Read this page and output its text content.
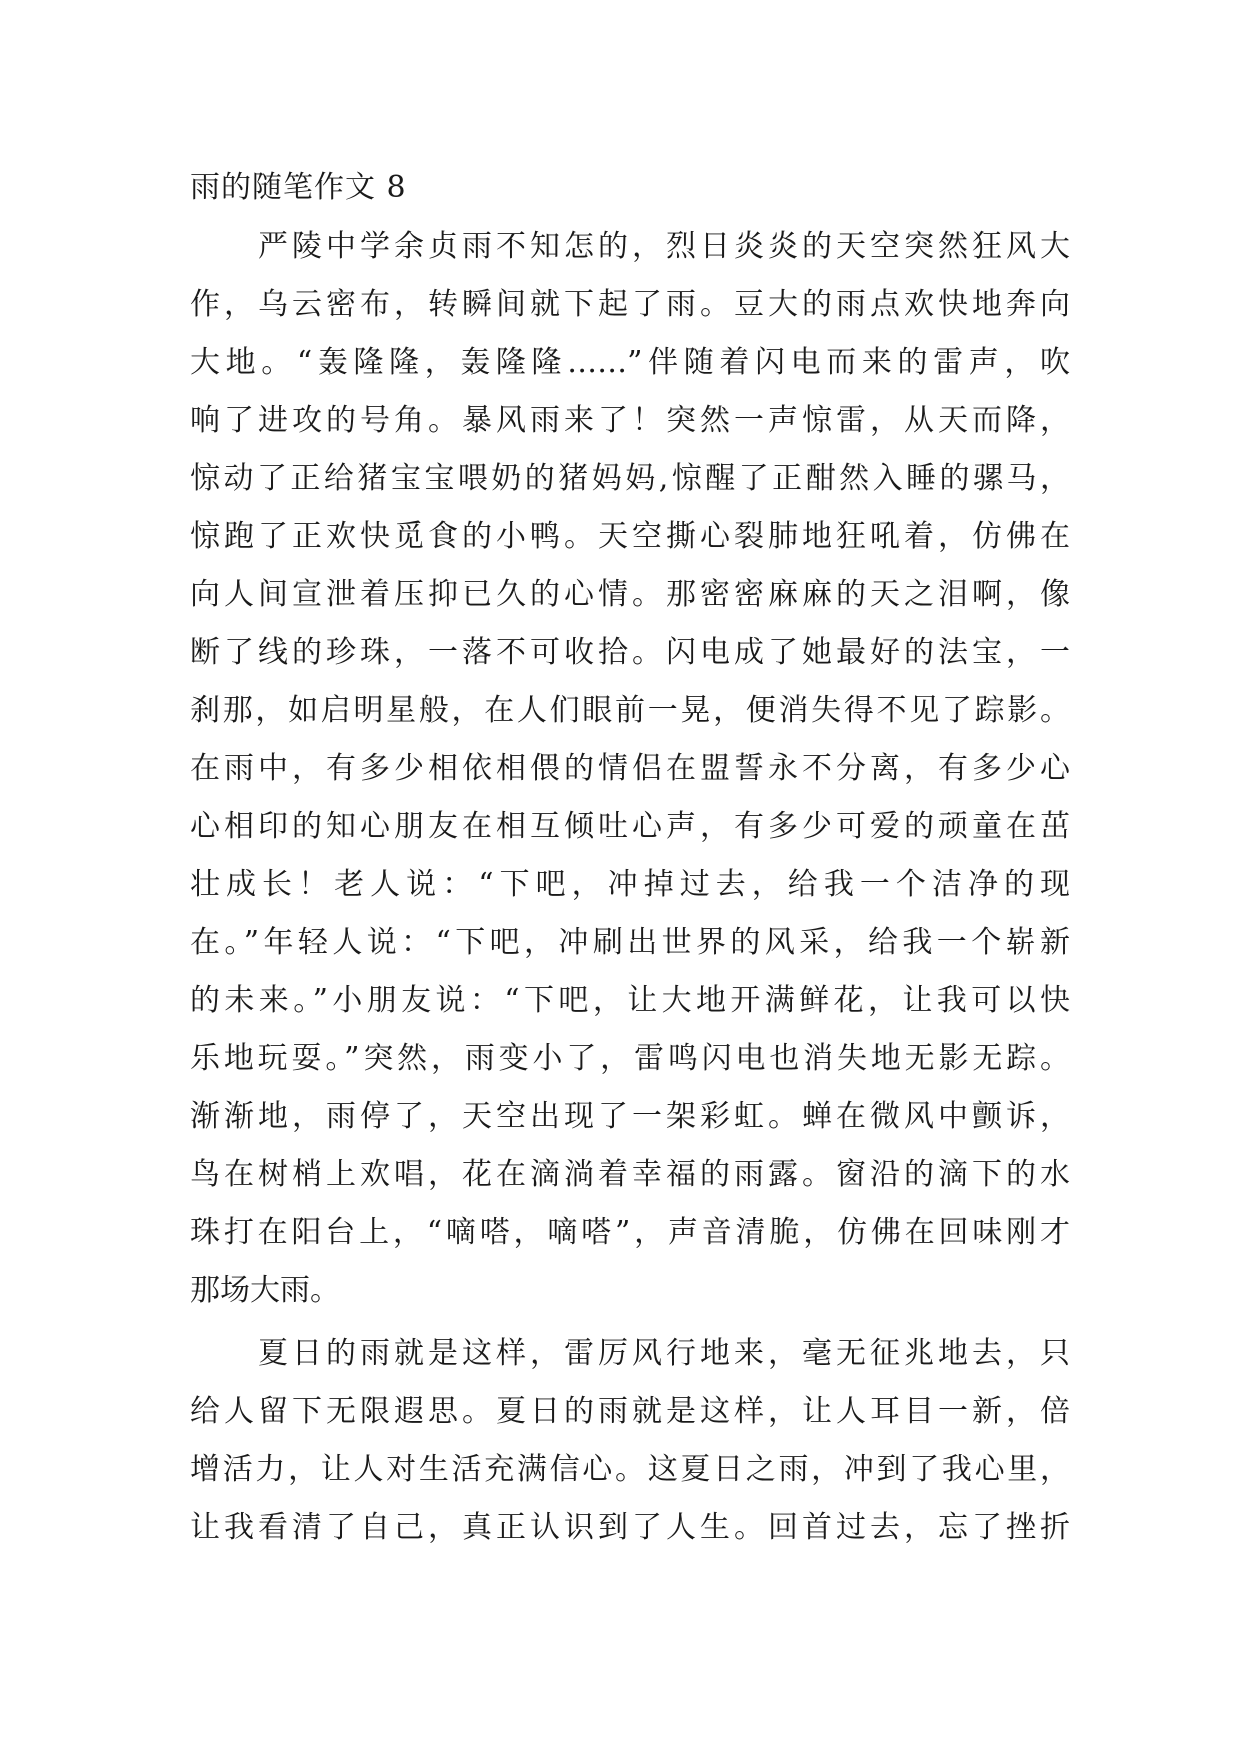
雨的随笔作文 8
　　严陵中学余贞雨不知怎的，烈日炎炎的天空突然狂风大
作，乌云密布，转瞬间就下起了雨。豆大的雨点欢快地奔向
大地。“轰隆隆，轰隆隆……”伴随着闪电而来的雷声，吹
响了进攻的号角。暴风雨来了！突然一声惊雷，从天而降，
惊动了正给猪宝宝喂奶的猪妈妈,惊醒了正酣然入睡的骡马，
惊跑了正欢快觅食的小鸭。天空撕心裂肺地狂吼着，仿佛在
向人间宣泄着压抑已久的心情。那密密麻麻的天之泪啊，像
断了线的珍珠，一落不可收拾。闪电成了她最好的法宝，一
刹那，如启明星般，在人们眼前一晃，便消失得不见了踪影。
在雨中，有多少相依相偎的情侣在盟誓永不分离，有多少心
心相印的知心朋友在相互倾吐心声，有多少可爱的顽童在茁
壮成长！老人说：“下吧，冲掉过去，给我一个洁净的现
在。”年轻人说：“下吧，冲刷出世界的风采，给我一个崭新
的未来。”小朋友说：“下吧，让大地开满鲜花，让我可以快
乐地玩耍。”突然，雨变小了，雷鸣闪电也消失地无影无踪。
渐渐地，雨停了，天空出现了一架彩虹。蝉在微风中颤诉，
鸟在树梢上欢唱，花在滴淌着幸福的雨露。窗沿的滴下的水
珠打在阳台上，“嘀嗒，嘀嗒”，声音清脆，仿佛在回味刚才
那场大雨。
　　夏日的雨就是这样，雷厉风行地来，毫无征兆地去，只
给人留下无限遐思。夏日的雨就是这样，让人耳目一新，倍
增活力，让人对生活充满信心。这夏日之雨，冲到了我心里，
让我看清了自己，真正认识到了人生。回首过去，忘了挫折
